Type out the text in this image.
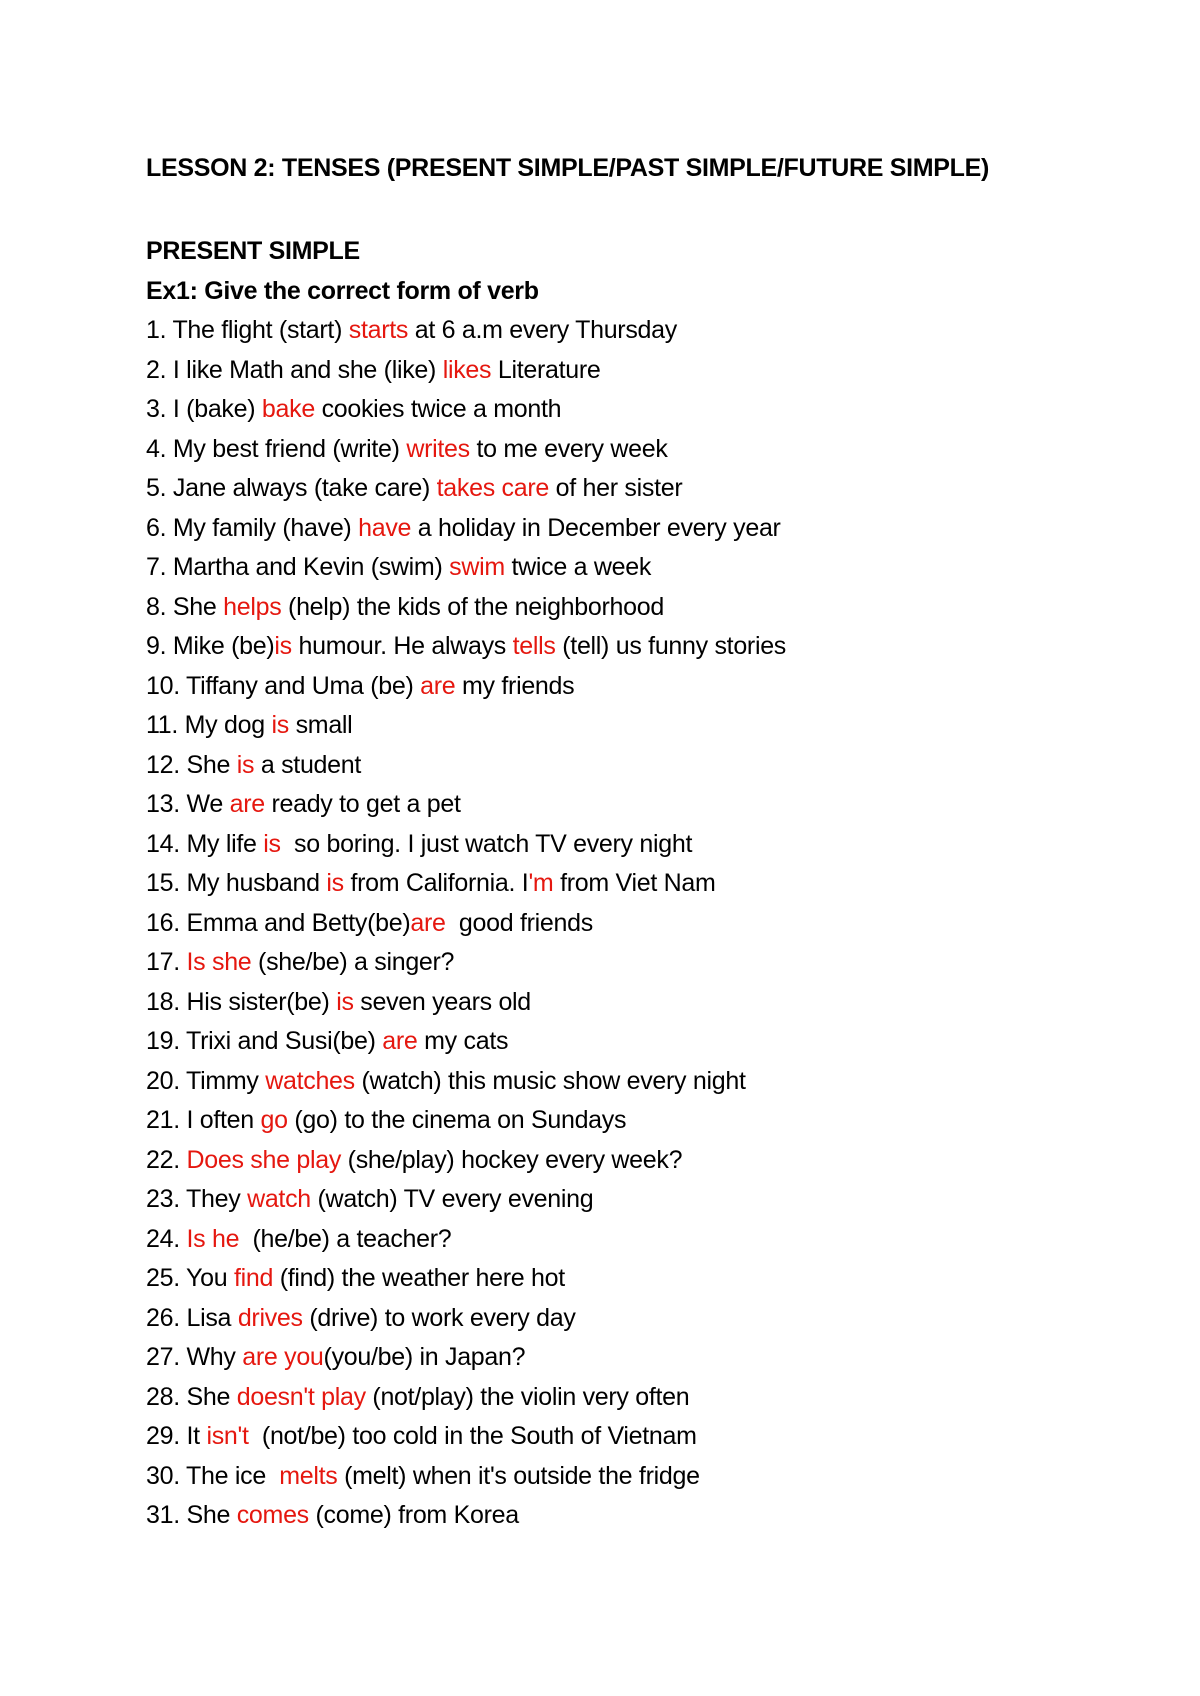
LESSON 2: TENSES (PRESENT SIMPLE/PAST SIMPLE/FUTURE SIMPLE)
PRESENT SIMPLE
Ex1: Give the correct form of verb
1. The flight (start) starts at 6 a.m every Thursday
2. I like Math and she (like) likes Literature
3. I (bake) bake cookies twice a month
4. My best friend (write) writes to me every week
5. Jane always (take care) takes care of her sister
6. My family (have) have a holiday in December every year
7. Martha and Kevin (swim) swim twice a week
8. She helps (help) the kids of the neighborhood
9. Mike (be)is humour. He always tells (tell) us funny stories
10. Tiffany and Uma (be) are my friends
11. My dog is small
12. She is a student
13. We are ready to get a pet
14. My life is  so boring. I just watch TV every night
15. My husband is from California. I'm from Viet Nam
16. Emma and Betty(be)are  good friends
17. Is she (she/be) a singer?
18. His sister(be) is seven years old
19. Trixi and Susi(be) are my cats
20. Timmy watches (watch) this music show every night
21. I often go (go) to the cinema on Sundays
22. Does she play (she/play) hockey every week?
23. They watch (watch) TV every evening
24. Is he  (he/be) a teacher?
25. You find (find) the weather here hot
26. Lisa drives (drive) to work every day
27. Why are you(you/be) in Japan?
28. She doesn't play (not/play) the violin very often
29. It isn't  (not/be) too cold in the South of Vietnam
30. The ice  melts (melt) when it's outside the fridge
31. She comes (come) from Korea
